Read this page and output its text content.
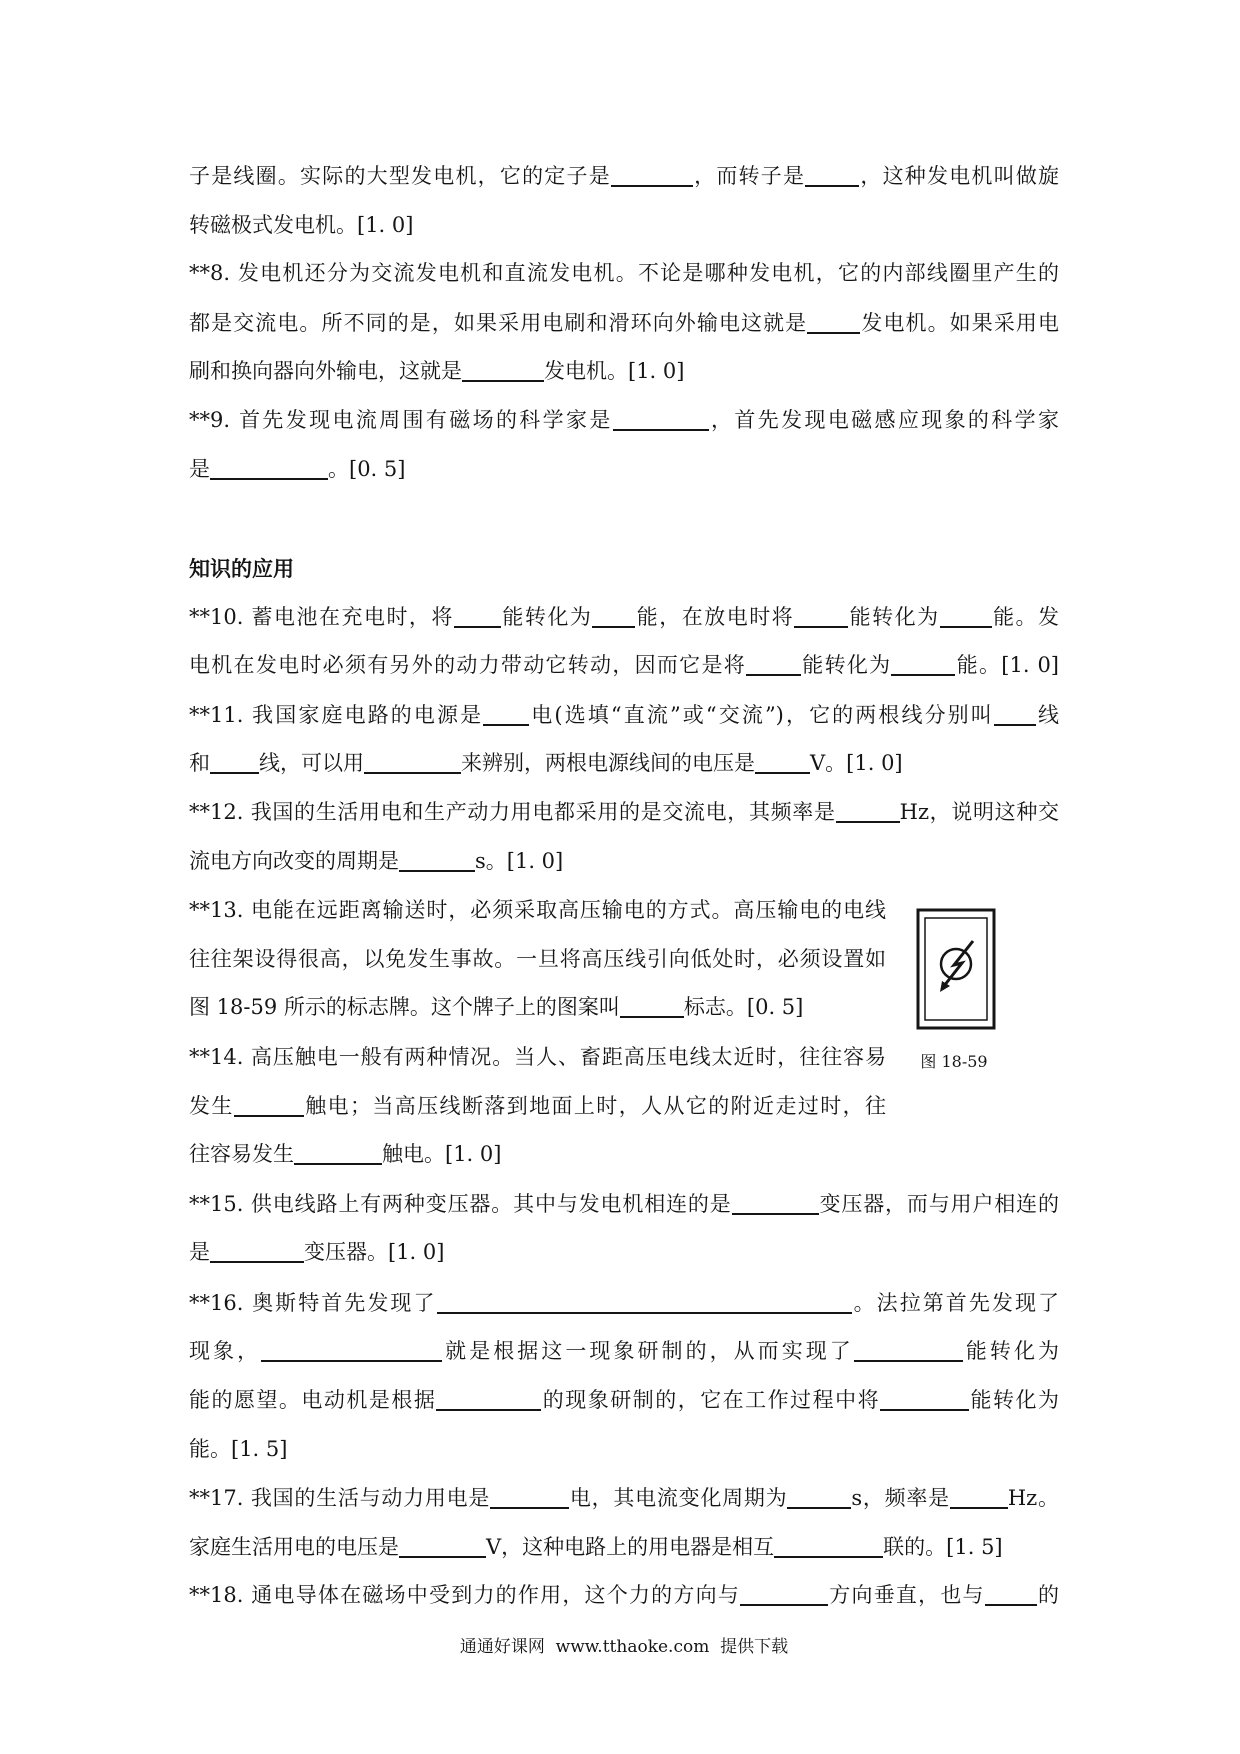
子是线圈。实际的大型发电机，它的定子是	，而转子是	，这种发电机叫做旋
转磁极式发电机。[1. 0]
**8. 发电机还分为交流发电机和直流发电机。不论是哪种发电机，它的内部线圈里产生的
都是交流电。所不同的是，如果采用电刷和滑环向外输电这就是	发电机。如果采用电
刷和换向器向外输电，这就是	发电机。[1. 0]
**9. 首先发现电流周围有磁场的科学家是	，首先发现电磁感应现象的科学家
是	。[0. 5]
知识的应用
**10. 蓄电池在充电时，将 能转化为 能，在放电时将	能转化为 能。发
电机在发电时必须有另外的动力带动它转动，因而它是将	能转化为	能。[1. 0]
**11. 我国家庭电路的电源是 电(选填“直流”或“交流”)，它的两根线分别叫 线
和 线，可以用	来辨别，两根电源线间的电压是	V。[1. 0]
**12. 我国的生活用电和生产动力用电都采用的是交流电，其频率是	Hz，说明这种交
流电方向改变的周期是	s。[1. 0]
**13. 电能在远距离输送时，必须采取高压输电的方式。高压输电的电线
往往架设得很高，以免发生事故。一旦将高压线引向低处时，必须设置如
图 18-59 所示的标志牌。这个牌子上的图案叫	标志。[0. 5]
**14. 高压触电一般有两种情况。当人、畜距高压电线太近时，往往容易
发生	触电；当高压线断落到地面上时，人从它的附近走过时，往
往容易发生	触电。[1. 0]
图 18-59
**15. 供电线路上有两种变压器。其中与发电机相连的是	变压器，而与用户相连的
是	变压器。[1. 0]
**16. 奥斯特首先发现了	。法拉第首先发现了
现象，	就是根据这一现象研制的，从而实现了	能转化为
能的愿望。电动机是根据	的现象研制的，它在工作过程中将	能转化为
能。[1. 5]
**17. 我国的生活与动力用电是	电，其电流变化周期为	s，频率是	Hz。
家庭生活用电的电压是	V，这种电路上的用电器是相互	联的。[1. 5]
**18. 通电导体在磁场中受到力的作用，这个力的方向与	方向垂直，也与 的
通通好课网  www.tthaoke.com  提供下载
